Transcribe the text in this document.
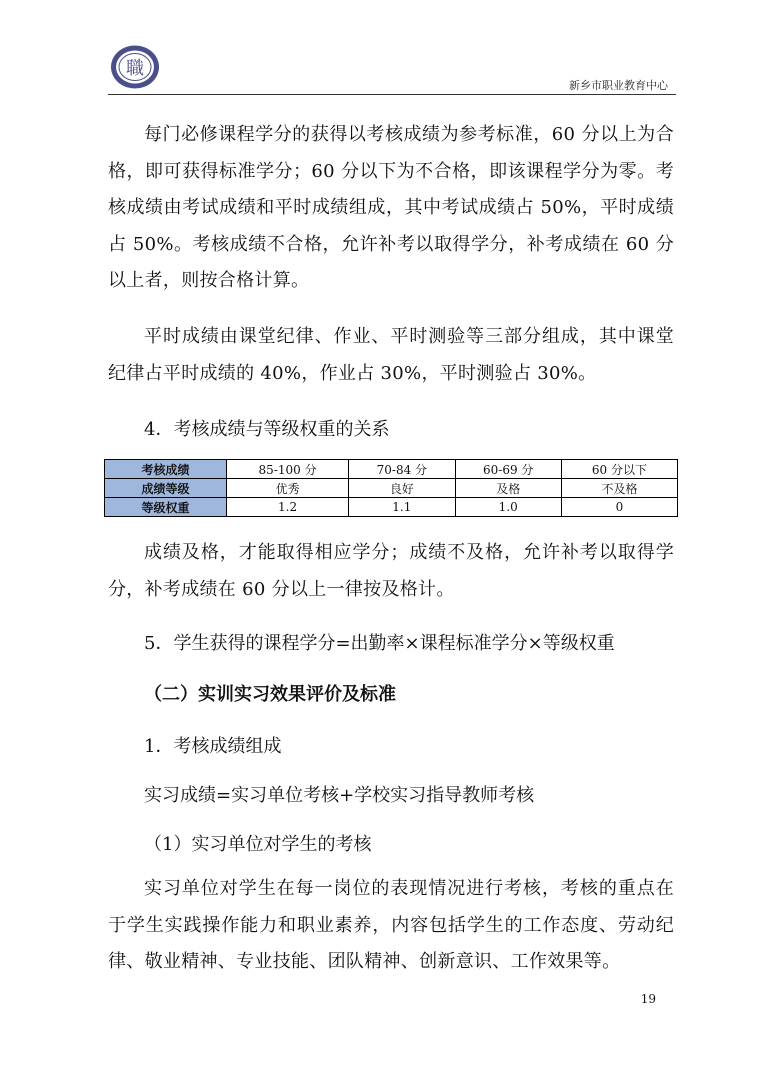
職
新乡市职业教育中心

每门必修课程学分的获得以考核成绩为参考标准，60 分以上为合格，即可获得标准学分；60 分以下为不合格，即该课程学分为零。考核成绩由考试成绩和平时成绩组成，其中考试成绩占 50%，平时成绩占 50%。考核成绩不合格，允许补考以取得学分，补考成绩在 60 分以上者，则按合格计算。

平时成绩由课堂纪律、作业、平时测验等三部分组成，其中课堂纪律占平时成绩的 40%，作业占 30%，平时测验占 30%。

4．考核成绩与等级权重的关系

考核成绩	85-100 分	70-84 分	60-69 分	60 分以下
成绩等级	优秀	良好	及格	不及格
等级权重	1.2	1.1	1.0	0

成绩及格，才能取得相应学分；成绩不及格，允许补考以取得学分，补考成绩在 60 分以上一律按及格计。

5．学生获得的课程学分=出勤率×课程标准学分×等级权重

（二）实训实习效果评价及标准

1．考核成绩组成

实习成绩=实习单位考核+学校实习指导教师考核

（1）实习单位对学生的考核

实习单位对学生在每一岗位的表现情况进行考核，考核的重点在于学生实践操作能力和职业素养，内容包括学生的工作态度、劳动纪律、敬业精神、专业技能、团队精神、创新意识、工作效果等。

19
